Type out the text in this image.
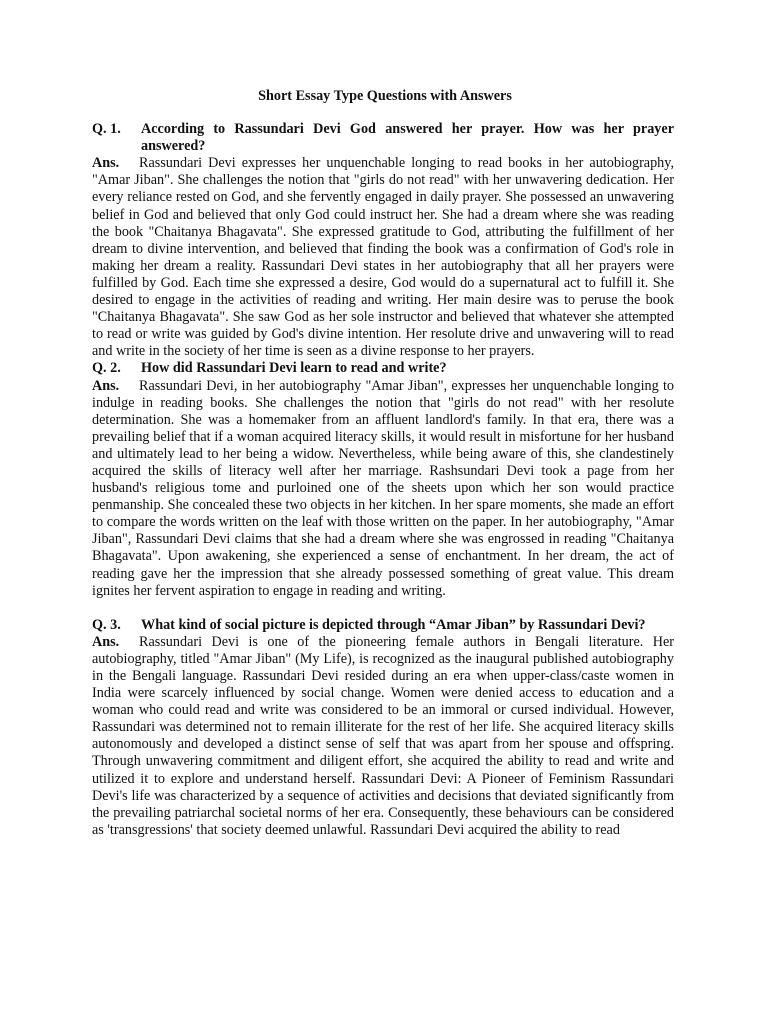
Short Essay Type Questions with Answers
Q. 1.	According to Rassundari Devi God answered her prayer. How was her prayer answered?
Ans. Rassundari Devi expresses her unquenchable longing to read books in her autobiography, "Amar Jiban". She challenges the notion that "girls do not read" with her unwavering dedication. Her every reliance rested on God, and she fervently engaged in daily prayer. She possessed an unwavering belief in God and believed that only God could instruct her. She had a dream where she was reading the book "Chaitanya Bhagavata". She expressed gratitude to God, attributing the fulfillment of her dream to divine intervention, and believed that finding the book was a confirmation of God's role in making her dream a reality. Rassundari Devi states in her autobiography that all her prayers were fulfilled by God. Each time she expressed a desire, God would do a supernatural act to fulfill it. She desired to engage in the activities of reading and writing. Her main desire was to peruse the book "Chaitanya Bhagavata". She saw God as her sole instructor and believed that whatever she attempted to read or write was guided by God's divine intention. Her resolute drive and unwavering will to read and write in the society of her time is seen as a divine response to her prayers.
Q. 2.	How did Rassundari Devi learn to read and write?
Ans. Rassundari Devi, in her autobiography "Amar Jiban", expresses her unquenchable longing to indulge in reading books. She challenges the notion that "girls do not read" with her resolute determination. She was a homemaker from an affluent landlord's family. In that era, there was a prevailing belief that if a woman acquired literacy skills, it would result in misfortune for her husband and ultimately lead to her being a widow. Nevertheless, while being aware of this, she clandestinely acquired the skills of literacy well after her marriage. Rashsundari Devi took a page from her husband's religious tome and purloined one of the sheets upon which her son would practice penmanship. She concealed these two objects in her kitchen. In her spare moments, she made an effort to compare the words written on the leaf with those written on the paper. In her autobiography, "Amar Jiban", Rassundari Devi claims that she had a dream where she was engrossed in reading "Chaitanya Bhagavata". Upon awakening, she experienced a sense of enchantment. In her dream, the act of reading gave her the impression that she already possessed something of great value. This dream ignites her fervent aspiration to engage in reading and writing.
Q. 3.	What kind of social picture is depicted through “Amar Jiban” by Rassundari Devi?
Ans. Rassundari Devi is one of the pioneering female authors in Bengali literature. Her autobiography, titled "Amar Jiban" (My Life), is recognized as the inaugural published autobiography in the Bengali language. Rassundari Devi resided during an era when upper-class/caste women in India were scarcely influenced by social change. Women were denied access to education and a woman who could read and write was considered to be an immoral or cursed individual. However, Rassundari was determined not to remain illiterate for the rest of her life. She acquired literacy skills autonomously and developed a distinct sense of self that was apart from her spouse and offspring. Through unwavering commitment and diligent effort, she acquired the ability to read and write and utilized it to explore and understand herself. Rassundari Devi: A Pioneer of Feminism Rassundari Devi's life was characterized by a sequence of activities and decisions that deviated significantly from the prevailing patriarchal societal norms of her era. Consequently, these behaviours can be considered as 'transgressions' that society deemed unlawful. Rassundari Devi acquired the ability to read
